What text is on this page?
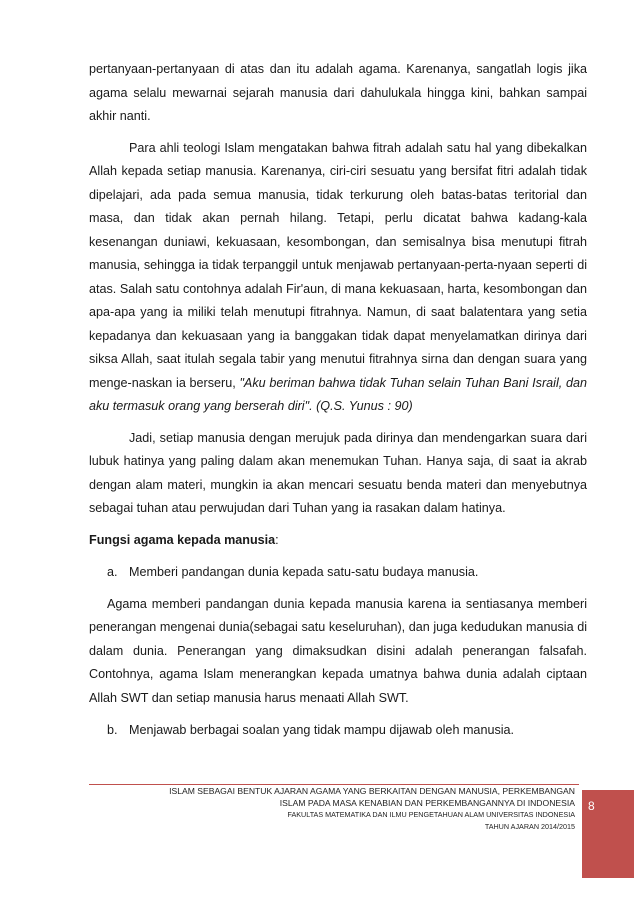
pertanyaan-pertanyaan di atas dan itu adalah agama. Karenanya, sangatlah logis jika agama selalu mewarnai sejarah manusia dari dahulukala hingga kini, bahkan sampai akhir nanti.

Para ahli teologi Islam mengatakan bahwa fitrah adalah satu hal yang dibekalkan Allah kepada setiap manusia. Karenanya, ciri-ciri sesuatu yang bersifat fitri adalah tidak dipelajari, ada pada semua manusia, tidak terkurung oleh batas-batas teritorial dan masa, dan tidak akan pernah hilang. Tetapi, perlu dicatat bahwa kadang-kala kesenangan duniawi, kekuasaan, kesombongan, dan semisalnya bisa menutupi fitrah manusia, sehingga ia tidak terpanggil untuk menjawab pertanyaan-perta-nyaan seperti di atas. Salah satu contohnya adalah Fir'aun, di mana kekuasaan, harta, kesombongan dan apa-apa yang ia miliki telah menutupi fitrahnya. Namun, di saat balatentara yang setia kepadanya dan kekuasaan yang ia banggakan tidak dapat menyelamatkan dirinya dari siksa Allah, saat itulah segala tabir yang menutui fitrahnya sirna dan dengan suara yang menge-naskan ia berseru, "Aku beriman bahwa tidak Tuhan selain Tuhan Bani Israil, dan aku termasuk orang yang berserah diri". (Q.S. Yunus : 90)

Jadi, setiap manusia dengan merujuk pada dirinya dan mendengarkan suara dari lubuk hatinya yang paling dalam akan menemukan Tuhan. Hanya saja, di saat ia akrab dengan alam materi, mungkin ia akan mencari sesuatu benda materi dan menyebutnya sebagai tuhan atau perwujudan dari Tuhan yang ia rasakan dalam hatinya.

Fungsi agama kepada manusia:

a. Memberi pandangan dunia kepada satu-satu budaya manusia.

Agama memberi pandangan dunia kepada manusia karena ia sentiasanya memberi penerangan mengenai dunia(sebagai satu keseluruhan), dan juga kedudukan manusia di dalam dunia. Penerangan yang dimaksudkan disini adalah penerangan falsafah. Contohnya, agama Islam menerangkan kepada umatnya bahwa dunia adalah ciptaan Allah SWT dan setiap manusia harus menaati Allah SWT.

b. Menjawab berbagai soalan yang tidak mampu dijawab oleh manusia.

ISLAM SEBAGAI BENTUK AJARAN AGAMA YANG BERKAITAN DENGAN MANUSIA, PERKEMBANGAN

ISLAM PADA MASA KENABIAN DAN PERKEMBANGANNYA DI INDONESIA

FAKULTAS MATEMATIKA DAN ILMU PENGETAHUAN ALAM UNIVERSITAS INDONESIA

TAHUN AJARAN 2014/2015

8
